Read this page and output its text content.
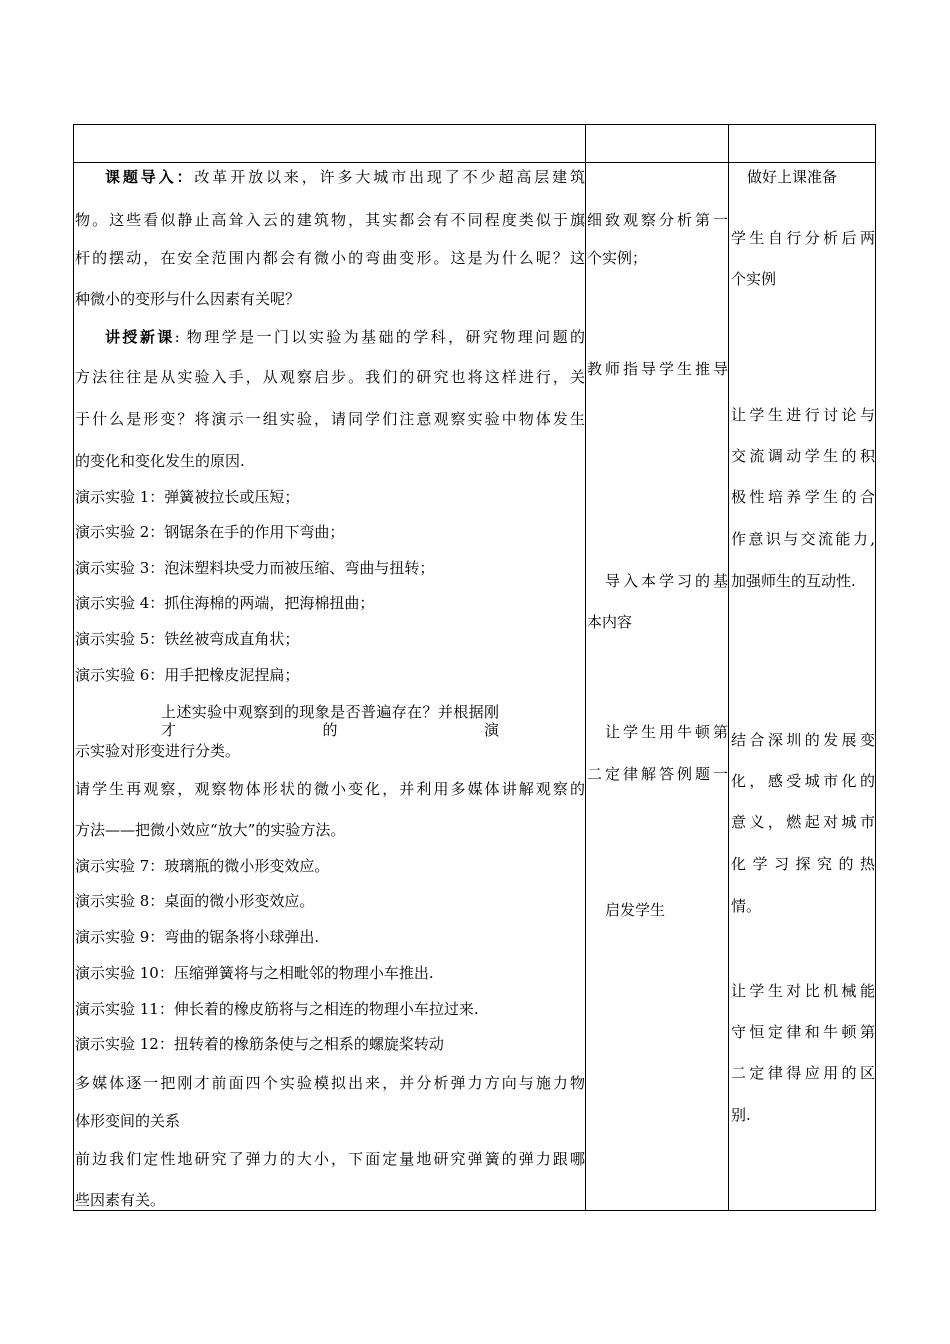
课题导入：改革开放以来，许多大城市出现了不少超高层建筑
物。这些看似静止高耸入云的建筑物，其实都会有不同程度类似于旗
杆的摆动，在安全范围内都会有微小的弯曲变形。这是为什么呢？这
种微小的变形与什么因素有关呢？
讲授新课: 物理学是一门以实验为基础的学科，研究物理问题的
方法往往是从实验入手，从观察启步。我们的研究也将这样进行，关
于什么是形变？将演示一组实验，请同学们注意观察实验中物体发生
的变化和变化发生的原因.
演示实验 1：弹簧被拉长或压短；
演示实验 2：钢锯条在手的作用下弯曲；
演示实验 3：泡沫塑料块受力而被压缩、弯曲与扭转；
演示实验 4：抓住海棉的两端，把海棉扭曲；
演示实验 5：铁丝被弯成直角状；
演示实验 6：用手把橡皮泥捏扁；
上述实验中观察到的现象是否普遍存在？并根据刚才的演
示实验对形变进行分类。
请学生再观察，观察物体形状的微小变化，并利用多媒体讲解观察的
方法——把微小效应“放大”的实验方法。
演示实验 7：玻璃瓶的微小形变效应。
演示实验 8：桌面的微小形变效应。
演示实验 9：弯曲的锯条将小球弹出.
演示实验 10：压缩弹簧将与之相毗邻的物理小车推出.
演示实验 11：伸长着的橡皮筋将与之相连的物理小车拉过来.
演示实验 12：扭转着的橡筋条使与之相系的螺旋桨转动
多媒体逐一把刚才前面四个实验模拟出来，并分析弹力方向与施力物
体形变间的关系
前边我们定性地研究了弹力的大小，下面定量地研究弹簧的弹力跟哪
些因素有关。
细致观察分析第一
个实例；
教师指导学生推导
导入本学习的基
本内容
让学生用牛顿第
二定律解答例题一
启发学生
做好上课准备
学生自行分析后两
个实例
让学生进行讨论与
交流调动学生的积
极性培养学生的合
作意识与交流能力,
加强师生的互动性.
结合深圳的发展变
化，感受城市化的
意义，燃起对城市
化学习探究的热
情。
让学生对比机械能
守恒定律和牛顿第
二定律得应用的区
别.
